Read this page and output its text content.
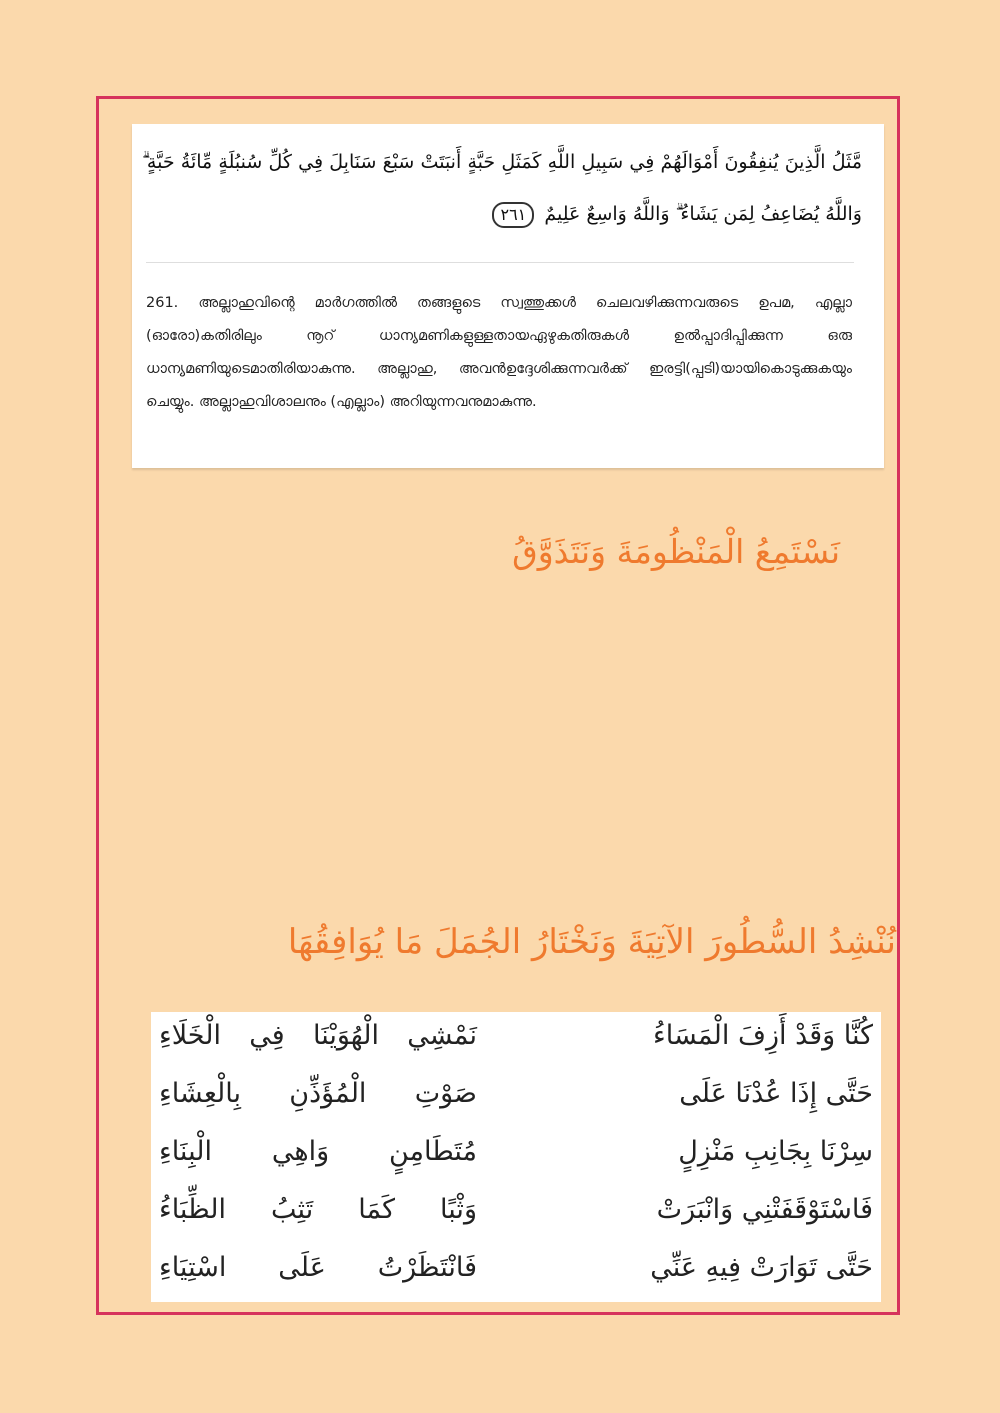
مَّثَلُ الَّذِينَ يُنفِقُونَ أَمْوَالَهُمْ فِي سَبِيلِ اللَّهِ كَمَثَلِ حَبَّةٍ أَنبَتَتْ سَبْعَ سَنَابِلَ فِي كُلِّ سُنبُلَةٍ مِّائَةُ حَبَّةٍ ۗ وَاللَّهُ يُضَاعِفُ لِمَن يَشَاءُ ۗ وَاللَّهُ وَاسِعٌ عَلِيمٌ ٢٦١
261. അല്ലാഹുവിന്റെ മാര്‍ഗത്തില്‍ തങ്ങളുടെ സ്വത്തുക്കള്‍ ചെലവഴിക്കുന്നവരുടെ ഉപമ, എല്ലാ (ഓരോ)കതിരിലും നൂറ് ധാന്യമണികളുള്ളതായഏഴുകതിരുകള്‍ ഉല്‍പ്പാദിപ്പിക്കുന്ന ഒരു ധാന്യമണിയുടെമാതിരിയാകുന്നു. അല്ലാഹു, അവന്‍ഉദ്ദേശിക്കുന്നവര്‍ക്ക് ഇരട്ടി(പ്പടി)യായികൊടുക്കുകയും ചെയ്യും. അല്ലാഹുവിശാലനും (എല്ലാം) അറിയുന്നവനുമാകുന്നു.
نَسْتَمِعُ الْمَنْظُومَةَ وَنَتَذَوَّقُ
نُنْشِدُ السُّطُورَ الآتِيَةَ وَنَخْتَارُ الجُمَلَ مَا يُوَافِقُهَا
كُنَّا وَقَدْ أَزِفَ الْمَسَاءُ
نَمْشِي الْهُوَيْنَا فِي الْخَلَاءِ
حَتَّى إِذَا عُدْنَا عَلَى
صَوْتِ الْمُؤَذِّنِ بِالْعِشَاءِ
سِرْنَا بِجَانِبِ مَنْزِلٍ
مُتَطَامِنٍ وَاهِي الْبِنَاءِ
فَاسْتَوْقَفَتْنِي وَانْبَرَتْ
وَثْبًا كَمَا تَثِبُ الظِّبَاءُ
حَتَّى تَوَارَتْ فِيهِ عَنِّي
فَانْتَظَرْتُ عَلَى اسْتِيَاءِ
